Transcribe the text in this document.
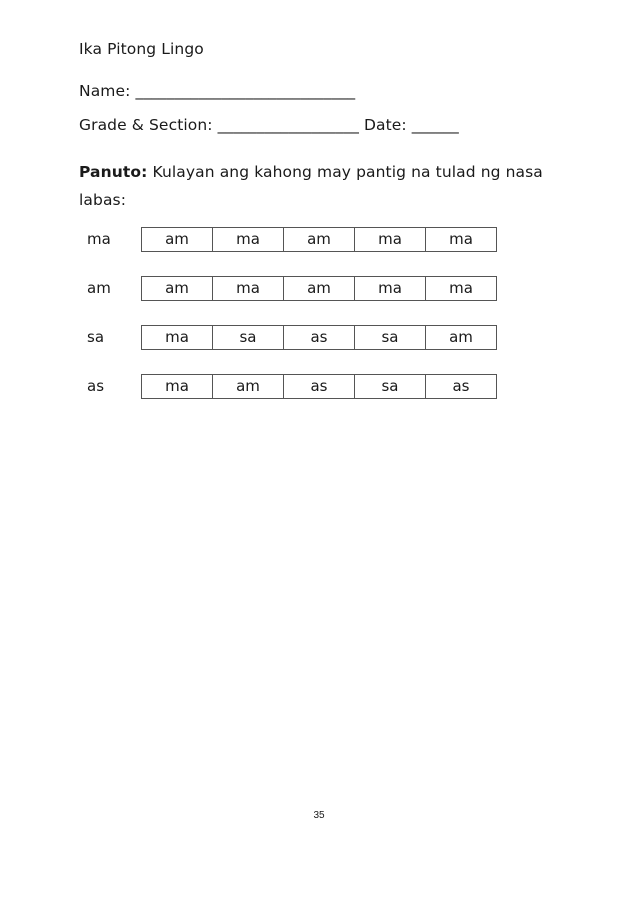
Ika Pitong Lingo
Name: ____________________________
Grade & Section: __________________ Date: ______
Panuto: Kulayan ang kahong may pantig na tulad ng nasa labas:
ma	am	ma	am	ma	ma
am	am	ma	am	ma	ma
sa	ma	sa	as	sa	am
as	ma	am	as	sa	as
35
